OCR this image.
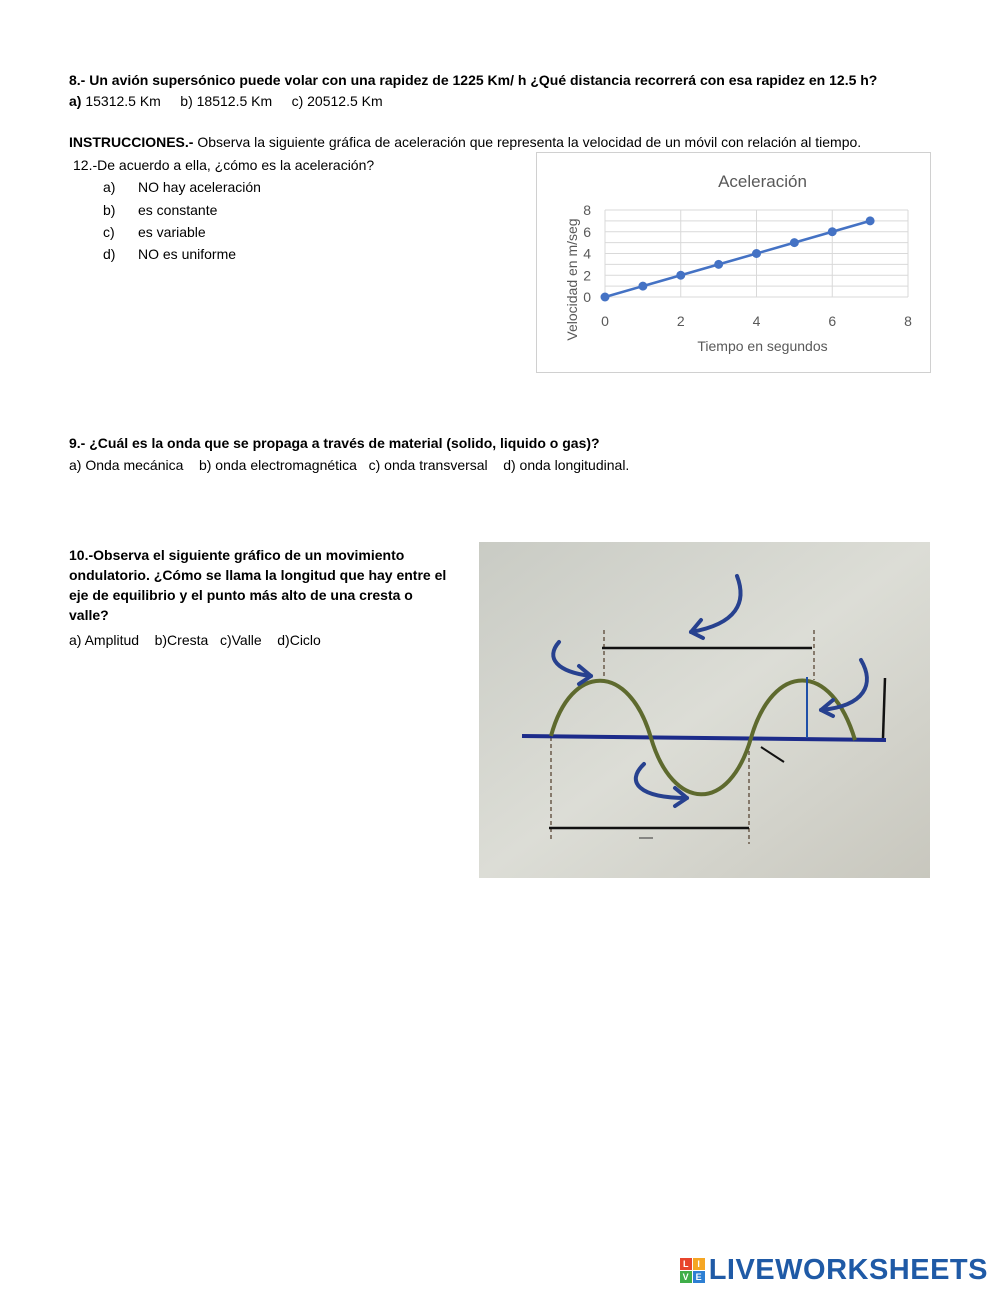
8.- Un avión supersónico puede volar con una rapidez de 1225 Km/ h ¿Qué distancia recorrerá con esa rapidez en 12.5 h?
a) 15312.5 Km b) 18512.5 Km c) 20512.5 Km
INSTRUCCIONES.- Observa la siguiente gráfica de aceleración que representa la velocidad de un móvil con relación al tiempo.
12.-De acuerdo a ella, ¿cómo es la aceleración?
a) NO hay aceleración
b) es constante
c) es variable
d) NO es uniforme
Aceleración
0
2
4
6
8
0	2	4	6	8
Tiempo en segundos
Velocidad en m/seg
9.- ¿Cuál es la onda que se propaga a través de material (solido, liquido o gas)?
a) Onda mecánica    b) onda electromagnética   c) onda transversal    d) onda longitudinal.
10.-Observa el siguiente gráfico de un movimiento
ondulatorio. ¿Cómo se llama la longitud que hay entre el
eje de equilibrio y el punto más alto de una cresta o
valle?
a) Amplitud    b)Cresta   c)Valle    d)Ciclo
L I
V E LIVEWORKSHEETS
